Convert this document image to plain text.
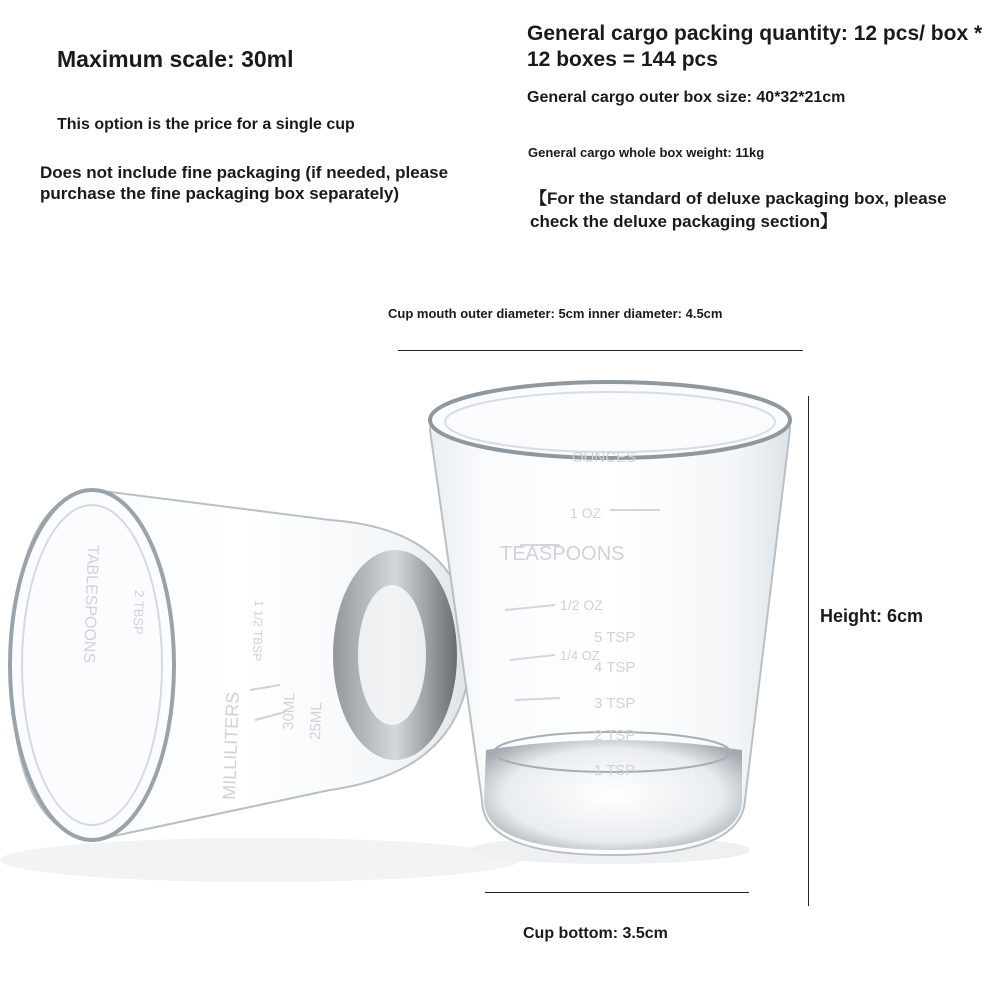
Maximum scale: 30ml
This option is the price for a single cup
Does not include fine packaging (if needed, please purchase the fine packaging box separately)
General cargo packing quantity: 12 pcs/ box * 12 boxes = 144 pcs
General cargo outer box size: 40*32*21cm
General cargo whole box weight: 11kg
【For the standard of deluxe packaging box, please check the deluxe packaging section】
Cup mouth outer diameter: 5cm inner diameter: 4.5cm
MILLILITERS 30ML 25ML
TABLESPOONS 2 TBSP	1 1/2 TBSP
OUNCES
1 OZ
TEASPOONS
1/2 OZ
5 TSP
1/4 OZ
4 TSP
3 TSP
2 TSP
1 TSP
Height: 6cm
Cup bottom: 3.5cm
